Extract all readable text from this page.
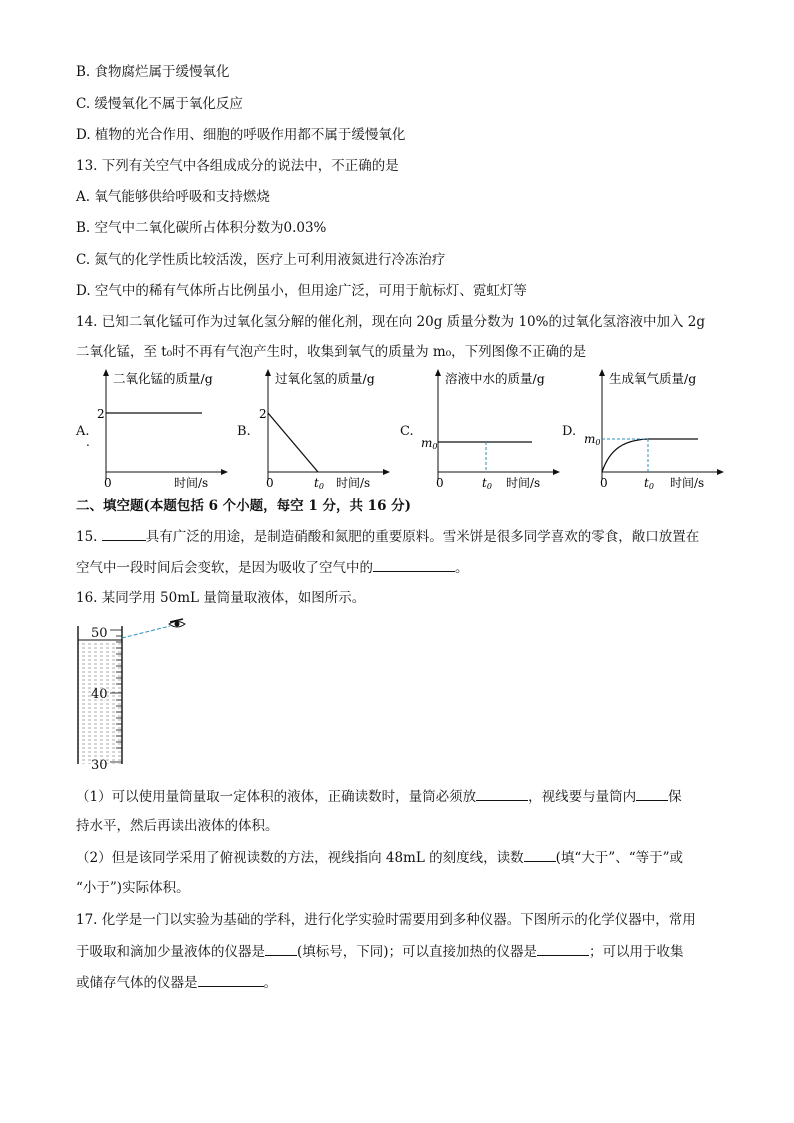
B. 食物腐烂属于缓慢氧化
C. 缓慢氧化不属于氧化反应
D. 植物的光合作用、细胞的呼吸作用都不属于缓慢氧化
13. 下列有关空气中各组成成分的说法中，不正确的是
A. 氧气能够供给呼吸和支持燃烧
B. 空气中二氧化碳所占体积分数为0.03%
C. 氮气的化学性质比较活泼，医疗上可利用液氮进行冷冻治疗
D. 空气中的稀有气体所占比例虽小，但用途广泛，可用于航标灯、霓虹灯等
14. 已知二氧化锰可作为过氧化氢分解的催化剂，现在向 20g 质量分数为 10%的过氧化氢溶液中加入 2g
二氧化锰，至 t₀时不再有气泡产生时，收集到氧气的质量为 m₀，下列图像不正确的是
A.
二氧化锰的质量/g
2
0	时间/s
.
B.
过氧化氢的质量/g
2
0	t0 时间/s
C.
溶液中水的质量/g
m0
0	t0 时间/s
D.
生成氧气质量/g
m0
0	t0 时间/s
二、填空题(本题包括 6 个小题，每空 1 分，共 16 分)
15.	具有广泛的用途，是制造硝酸和氮肥的重要原料。雪米饼是很多同学喜欢的零食，敞口放置在
空气中一段时间后会变软，是因为吸收了空气中的	。
16. 某同学用 50mL 量筒量取液体，如图所示。
50
40
30
（1）可以使用量筒量取一定体积的液体，正确读数时，量筒必须放	，视线要与量筒内 保
持水平，然后再读出液体的体积。
（2）但是该同学采用了俯视读数的方法，视线指向 48mL 的刻度线，读数 (填“大于”、“等于”或
“小于”)实际体积。
17. 化学是一门以实验为基础的学科，进行化学实验时需要用到多种仪器。下图所示的化学仪器中，常用
于吸取和滴加少量液体的仪器是 (填标号，下同)；可以直接加热的仪器是	；可以用于收集
或储存气体的仪器是	。
